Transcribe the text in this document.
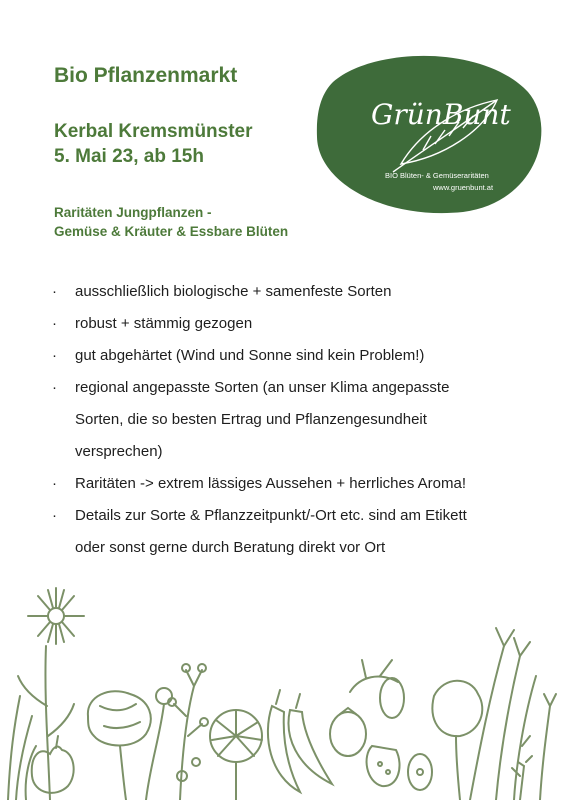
Bio Pflanzenmarkt
Kerbal Kremsmünster
5. Mai 23, ab 15h
Raritäten Jungpflanzen -
Gemüse & Kräuter & Essbare Blüten
GrünBunt
BIO Blüten- & Gemüseraritäten
www.gruenbunt.at
· ausschließlich biologische + samenfeste Sorten
· robust + stämmig gezogen
· gut abgehärtet (Wind und Sonne sind kein Problem!)
· regional angepasste Sorten (an unser Klima angepasste
Sorten, die so besten Ertrag und Pflanzengesundheit
versprechen)
· Raritäten -> extrem lässiges Aussehen + herrliches Aroma!
· Details zur Sorte & Pflanzzeitpunkt/-Ort etc. sind am Etikett
oder sonst gerne durch Beratung direkt vor Ort
